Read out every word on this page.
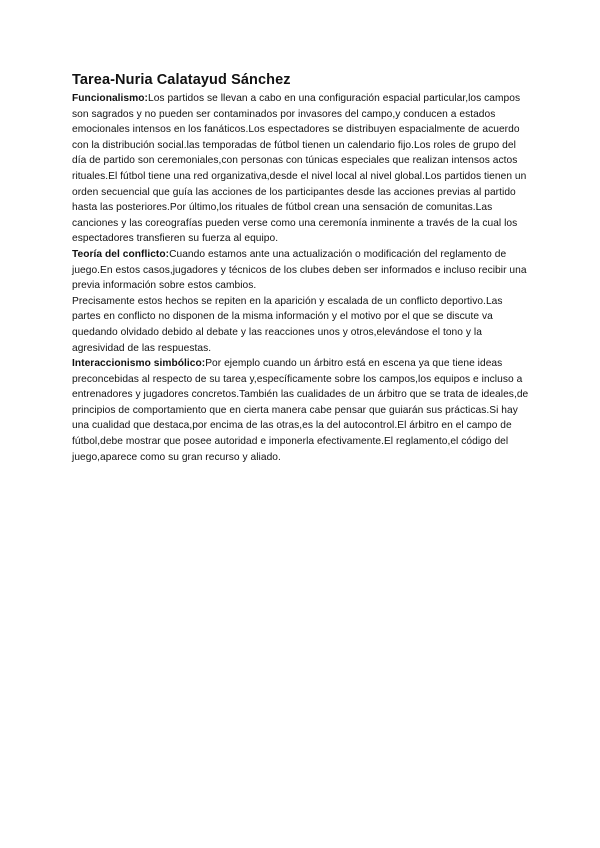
Tarea-Nuria Calatayud Sánchez

Funcionalismo:Los partidos se llevan a cabo en una configuración espacial particular,los campos son sagrados y no pueden ser contaminados por invasores del campo,y conducen a estados emocionales intensos en los fanáticos.Los espectadores se distribuyen espacialmente de acuerdo con la distribución social.las temporadas de fútbol tienen un calendario fijo.Los roles de grupo del día de partido son ceremoniales,con personas con túnicas especiales que realizan intensos actos rituales.El fútbol tiene una red organizativa,desde el nivel local al nivel global.Los partidos tienen un orden secuencial que guía las acciones de los participantes desde las acciones previas al partido hasta las posteriores.Por último,los rituales de fútbol crean una sensación de comunitas.Las canciones y las coreografías pueden verse como una ceremonía inminente a través de la cual los espectadores transfieren su fuerza al equipo.

Teoría del conflicto:Cuando estamos ante una actualización o modificación del reglamento de juego.En estos casos,jugadores y técnicos de los clubes deben ser informados e incluso recibir una previa información sobre estos cambios.

Precisamente estos hechos se repiten en la aparición y escalada de un conflicto deportivo.Las partes en conflicto no disponen de la misma información y el motivo por el que se discute va quedando olvidado debido al debate y las reacciones unos y otros,elevándose el tono y la agresividad de las respuestas.

Interaccionismo simbólico:Por ejemplo cuando un árbitro está en escena ya que tiene ideas preconcebidas al respecto de su tarea y,específicamente sobre los campos,los equipos e incluso a entrenadores y jugadores concretos.También las cualidades de un árbitro que se trata de ideales,de principios de comportamiento que en cierta manera cabe pensar que guiarán sus prácticas.Si hay una cualidad que destaca,por encima de las otras,es la del autocontrol.El árbitro en el campo de fútbol,debe mostrar que posee autoridad e imponerla efectivamente.El reglamento,el código del juego,aparece como su gran recurso y aliado.
